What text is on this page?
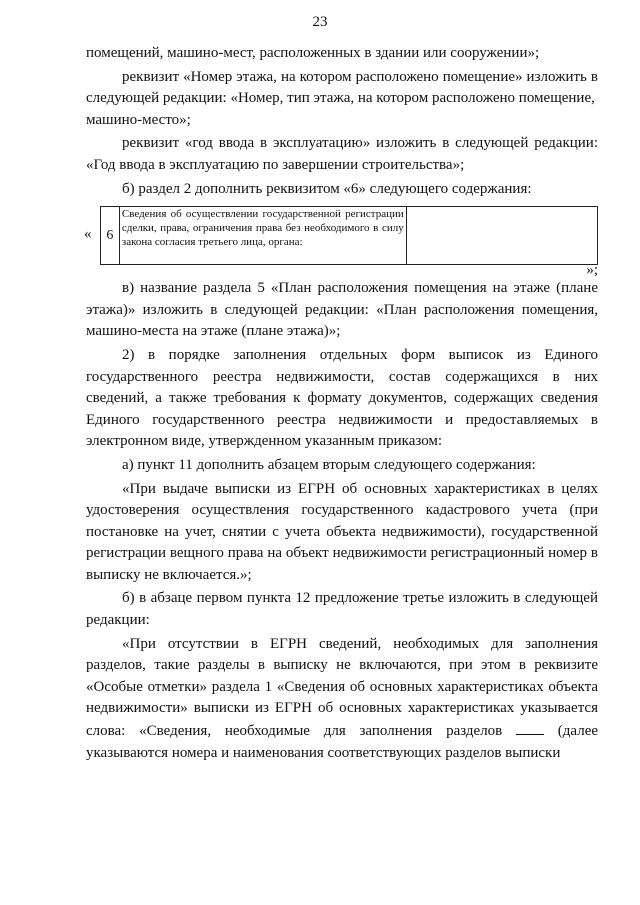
23

помещений, машино-мест, расположенных в здании или сооружении»;

реквизит «Номер этажа, на котором расположено помещение» изложить в следующей редакции: «Номер, тип этажа, на котором расположено помещение,

машино-место»;

реквизит «год ввода в эксплуатацию» изложить в следующей редакции: «Год ввода в эксплуатацию по завершении строительства»;

б) раздел 2 дополнить реквизитом «6» следующего содержания:

« 6	Сведения об осуществлении государственной регистрации сделки, права, ограничения права без необходимого в силу закона согласия третьего лица, органа:	
»;

в) название раздела 5 «План расположения помещения на этаже (плане этажа)» изложить в следующей редакции: «План расположения помещения, машино-места на этаже (плане этажа)»;

2) в порядке заполнения отдельных форм выписок из Единого государственного реестра недвижимости, состав содержащихся в них сведений, а также требования к формату документов, содержащих сведения Единого государственного реестра недвижимости и предоставляемых в электронном виде, утвержденном указанным приказом:

а) пункт 11 дополнить абзацем вторым следующего содержания:

«При выдаче выписки из ЕГРН об основных характеристиках в целях удостоверения осуществления государственного кадастрового учета (при постановке на учет, снятии с учета объекта недвижимости), государственной регистрации вещного права на объект недвижимости регистрационный номер в выписку не включается.»;

б) в абзаце первом пункта 12 предложение третье изложить в следующей редакции:

«При отсутствии в ЕГРН сведений, необходимых для заполнения разделов, такие разделы в выписку не включаются, при этом в реквизите «Особые отметки» раздела 1 «Сведения об основных характеристиках объекта недвижимости» выписки из ЕГРН об основных характеристиках указывается слова: «Сведения, необходимые для заполнения разделов	(далее указываются номера и наименования соответствующих разделов выписки
